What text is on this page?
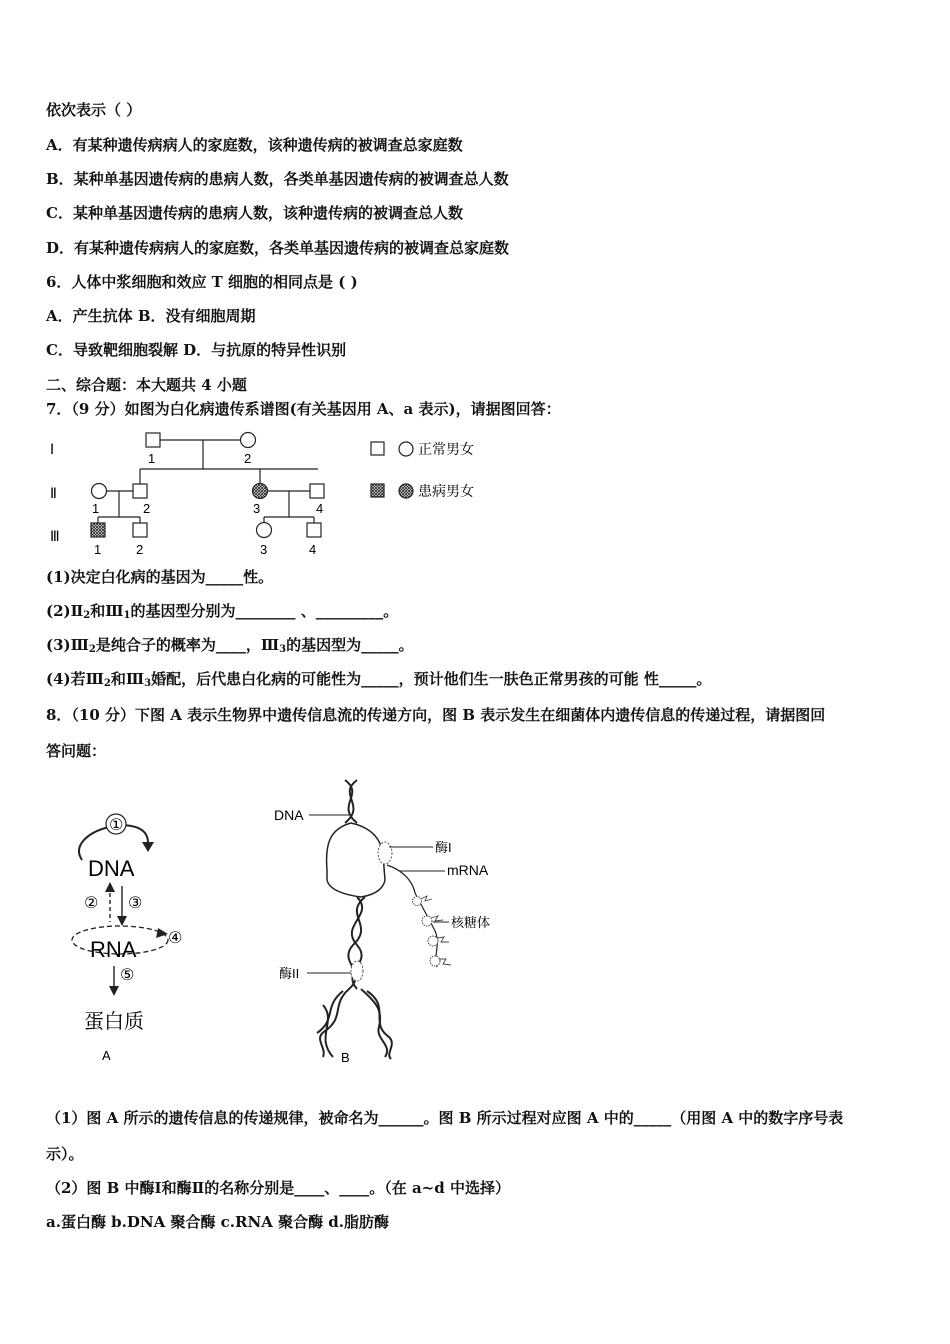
依次表示（ ）
A．有某种遗传病病人的家庭数，该种遗传病的被调查总家庭数
B．某种单基因遗传病的患病人数，各类单基因遗传病的被调查总人数
C．某种单基因遗传病的患病人数，该种遗传病的被调查总人数
D．有某种遗传病病人的家庭数，各类单基因遗传病的被调查总家庭数
6．人体中浆细胞和效应 T 细胞的相同点是 ( )
A．产生抗体 B．没有细胞周期
C．导致靶细胞裂解 D．与抗原的特异性识别
二、综合题：本大题共 4 小题
7．（9 分）如图为白化病遗传系谱图(有关基因用 A、a 表示)，请据图回答：
Ⅰ
Ⅱ
Ⅲ
1	2
1	2	3	4
1	2	3	4
正常男女
患病男女
(1)决定白化病的基因为_____性。
$(2)Ⅱ_2$和$Ⅲ_1$的基因型分别为________ 、_________。
$(3)Ⅲ_2$是纯合子的概率为____，$Ⅲ_3$的基因型为_____。
(4)若$Ⅲ_2$和$Ⅲ_3$婚配，后代患白化病的可能性为_____，预计他们生一肤色正常男孩的可能 性_____。
8．（10 分）下图 A 表示生物界中遗传信息流的传递方向，图 B 表示发生在细菌体内遗传信息的传递过程，请据图回
答问题：
①
DNA
② ③
④
RNA
⑤
蛋白质
A
DNA
酶I
mRNA
核糖体
酶II
B
（1）图 A 所示的遗传信息的传递规律，被命名为______。图 B 所示过程对应图 A 中的_____（用图 A 中的数字序号表
示）。
（2）图 B 中酶Ⅰ和酶Ⅱ的名称分别是____、____。（在 a~d 中选择）
a.蛋白酶 b.DNA 聚合酶 c.RNA 聚合酶 d.脂肪酶
